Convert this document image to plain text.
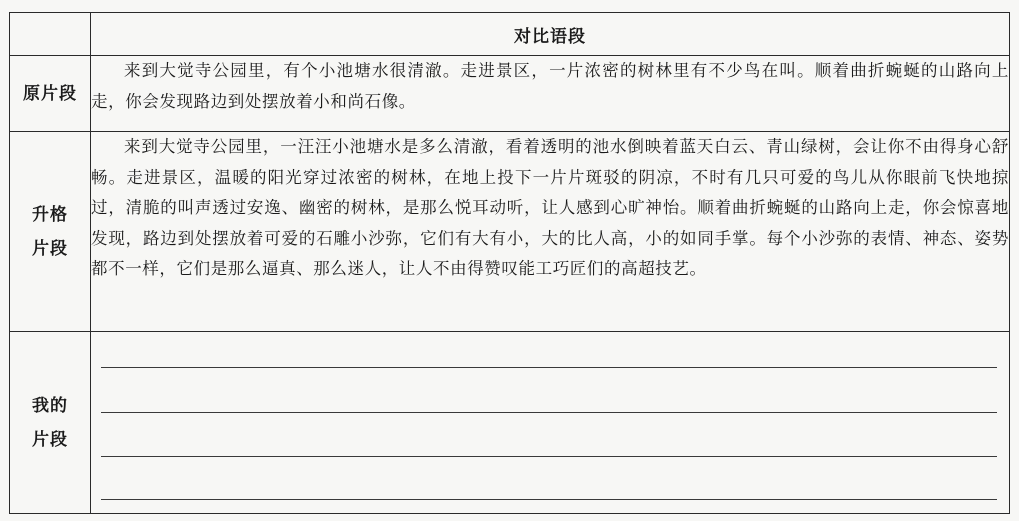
	对比语段

原片段	来到大觉寺公园里，有个小池塘水很清澈。走进景区，一片浓密的树林里有不少鸟在叫。顺着曲折蜿蜒的山路向上走，你会发现路边到处摆放着小和尚石像。

升格
片段	来到大觉寺公园里，一汪汪小池塘水是多么清澈，看着透明的池水倒映着蓝天白云、青山绿树，会让你不由得身心舒畅。走进景区，温暖的阳光穿过浓密的树林，在地上投下一片片斑驳的阴凉，不时有几只可爱的鸟儿从你眼前飞快地掠过，清脆的叫声透过安逸、幽密的树林，是那么悦耳动听，让人感到心旷神怡。顺着曲折蜿蜒的山路向上走，你会惊喜地发现，路边到处摆放着可爱的石雕小沙弥，它们有大有小，大的比人高，小的如同手掌。每个小沙弥的表情、神态、姿势都不一样，它们是那么逼真、那么迷人，让人不由得赞叹能工巧匠们的高超技艺。

我的
片段	
